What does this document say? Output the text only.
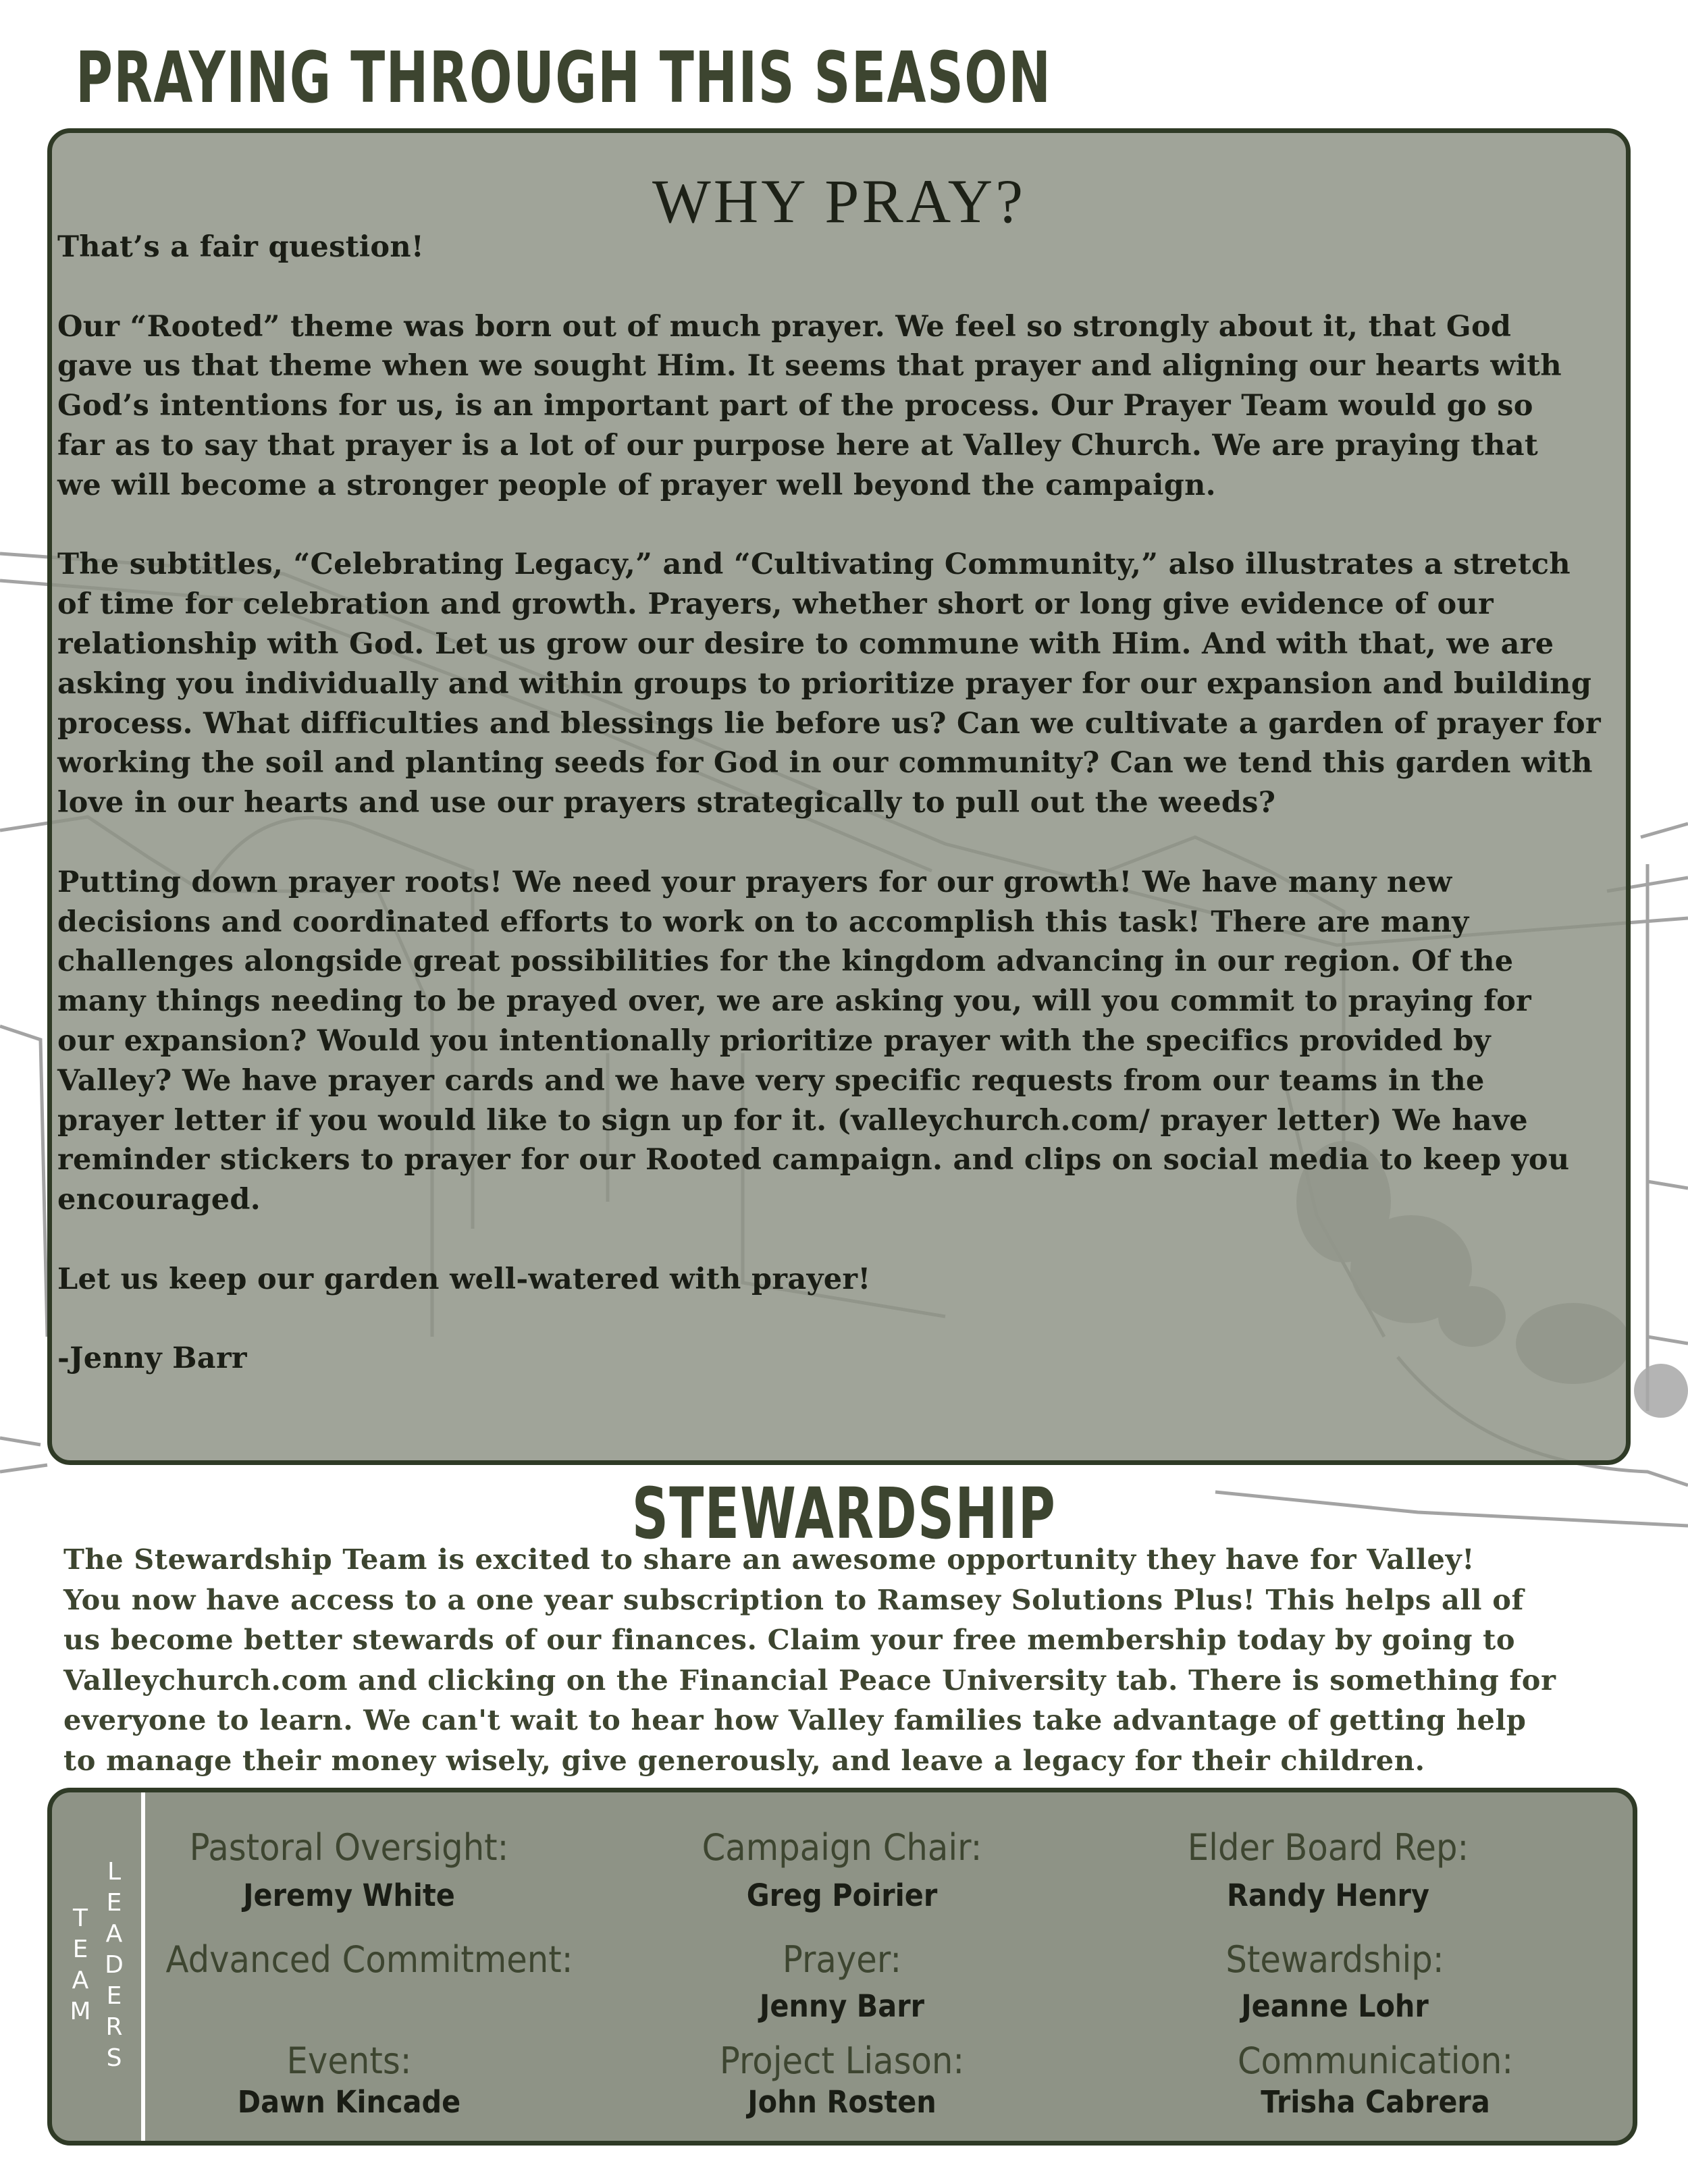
PRAYING THROUGH THIS SEASON
WHY PRAY?

That’s a fair question!

Our “Rooted” theme was born out of much prayer. We feel so strongly about it, that God
gave us that theme when we sought Him. It seems that prayer and aligning our hearts with
God’s intentions for us, is an important part of the process. Our Prayer Team would go so
far as to say that prayer is a lot of our purpose here at Valley Church. We are praying that
we will become a stronger people of prayer well beyond the campaign.

The subtitles, “Celebrating Legacy,” and “Cultivating Community,” also illustrates a stretch
of time for celebration and growth. Prayers, whether short or long give evidence of our
relationship with God. Let us grow our desire to commune with Him. And with that, we are
asking you individually and within groups to prioritize prayer for our expansion and building
process. What difficulties and blessings lie before us? Can we cultivate a garden of prayer for
working the soil and planting seeds for God in our community? Can we tend this garden with
love in our hearts and use our prayers strategically to pull out the weeds?

Putting down prayer roots! We need your prayers for our growth! We have many new
decisions and coordinated efforts to work on to accomplish this task! There are many
challenges alongside great possibilities for the kingdom advancing in our region. Of the
many things needing to be prayed over, we are asking you, will you commit to praying for
our expansion? Would you intentionally prioritize prayer with the specifics provided by
Valley? We have prayer cards and we have very specific requests from our teams in the
prayer letter if you would like to sign up for it. (valleychurch.com/ prayer letter) We have
reminder stickers to prayer for our Rooted campaign. and clips on social media to keep you
encouraged.

Let us keep our garden well-watered with prayer!

-Jenny Barr

STEWARDSHIP

The Stewardship Team is excited to share an awesome opportunity they have for Valley!
You now have access to a one year subscription to Ramsey Solutions Plus! This helps all of
us become better stewards of our finances. Claim your free membership today by going to
Valleychurch.com and clicking on the Financial Peace University tab. There is something for
everyone to learn. We can't wait to hear how Valley families take advantage of getting help
to manage their money wisely, give generously, and leave a legacy for their children.

T
E
A
M
L
E
A
D
E
R
S
Pastoral Oversight:
Jeremy White
Campaign Chair:
Greg Poirier
Elder Board Rep:
Randy Henry
Advanced Commitment:	Prayer:
Jenny Barr
Stewardship:
Jeanne Lohr
Events:
Dawn Kincade
Project Liason:
John Rosten
Communication:
Trisha Cabrera
